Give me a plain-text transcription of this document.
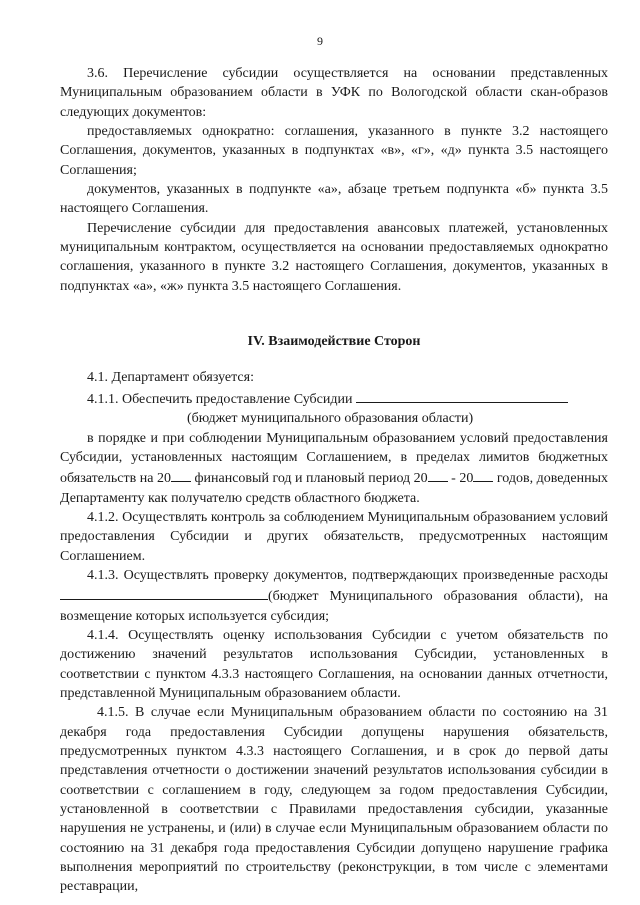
9

3.6. Перечисление субсидии осуществляется на основании представленных Муниципальным образованием области в УФК по Вологодской области скан-образов следующих документов:

предоставляемых однократно: соглашения, указанного в пункте 3.2 настоящего Соглашения, документов, указанных в подпунктах «в», «г», «д» пункта 3.5 настоящего Соглашения;

документов, указанных в подпункте «а», абзаце третьем подпункта «б» пункта 3.5 настоящего Соглашения.

Перечисление субсидии для предоставления авансовых платежей, установленных муниципальным контрактом, осуществляется на основании предоставляемых однократно соглашения, указанного в пункте 3.2 настоящего Соглашения, документов, указанных в подпунктах «а», «ж» пункта 3.5 настоящего Соглашения.

IV. Взаимодействие Сторон

4.1. Департамент обязуется:

4.1.1. Обеспечить предоставление Субсидии

(бюджет муниципального образования области)

в порядке и при соблюдении Муниципальным образованием условий предоставления Субсидии, установленных настоящим Соглашением, в пределах лимитов бюджетных обязательств на 20 финансовый год и плановый период 20 - 20 годов, доведенных Департаменту как получателю средств областного бюджета.

4.1.2. Осуществлять контроль за соблюдением Муниципальным образованием условий предоставления Субсидии и других обязательств, предусмотренных настоящим Соглашением.

4.1.3. Осуществлять проверку документов, подтверждающих произведенные расходы(бюджет Муниципального образования области), на возмещение которых используется субсидия;

4.1.4. Осуществлять оценку использования Субсидии с учетом обязательств по достижению значений результатов использования Субсидии, установленных в соответствии с пунктом 4.3.3 настоящего Соглашения, на основании данных отчетности, представленной Муниципальным образованием области.

4.1.5. В случае если Муниципальным образованием области по состоянию на 31 декабря года предоставления Субсидии допущены нарушения обязательств, предусмотренных пунктом 4.3.3 настоящего Соглашения, и в срок до первой даты представления отчетности о достижении значений результатов использования субсидии в соответствии с соглашением в году, следующем за годом предоставления Субсидии, установленной в соответствии с Правилами предоставления субсидии, указанные нарушения не устранены, и (или) в случае если Муниципальным образованием области по состоянию на 31 декабря года предоставления Субсидии допущено нарушение графика выполнения мероприятий по строительству (реконструкции, в том числе с элементами реставрации,
